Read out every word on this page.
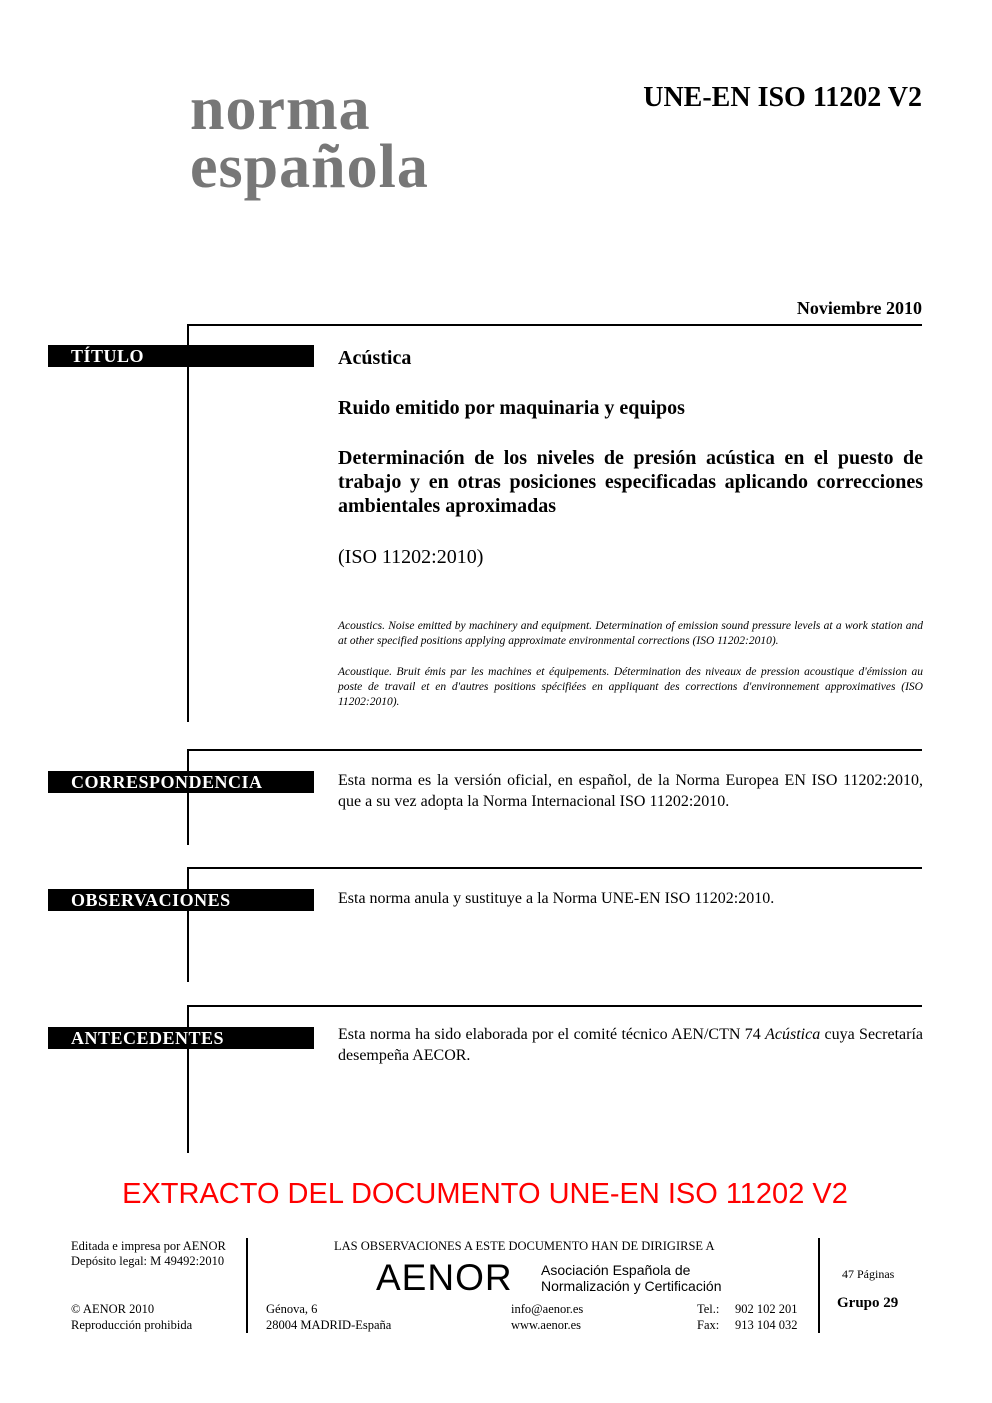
norma
española
UNE-EN ISO 11202 V2
Noviembre 2010
TÍTULO	Acústica
Ruido emitido por maquinaria y equipos
Determinación de los niveles de presión acústica en el puesto de trabajo y en otras posiciones especificadas aplicando correcciones ambientales aproximadas
(ISO 11202:2010)
Acoustics. Noise emitted by machinery and equipment. Determination of emission sound pressure levels at a work station and at other specified positions applying approximate environmental corrections (ISO 11202:2010).
Acoustique. Bruit émis par les machines et équipements. Détermination des niveaux de pression acoustique d'émission au poste de travail et en d'autres positions spécifiées en appliquant des corrections d'environnement approximatives (ISO 11202:2010).
CORRESPONDENCIA	Esta norma es la versión oficial, en español, de la Norma Europea EN ISO 11202:2010, que a su vez adopta la Norma Internacional ISO 11202:2010.
OBSERVACIONES	Esta norma anula y sustituye a la Norma UNE-EN ISO 11202:2010.
ANTECEDENTES	Esta norma ha sido elaborada por el comité técnico AEN/CTN 74 Acústica cuya Secretaría desempeña AECOR.
EXTRACTO DEL DOCUMENTO UNE-EN ISO 11202 V2
Editada e impresa por AENOR
Depósito legal: M 49492:2010
© AENOR 2010
Reproducción prohibida
LAS OBSERVACIONES A ESTE DOCUMENTO HAN DE DIRIGIRSE A
AENOR Asociación Española de
Normalización y Certificación
Génova, 6
28004 MADRID-España
info@aenor.es
www.aenor.es
Tel.: 902 102 201
Fax: 913 104 032
47 Páginas
Grupo 29
